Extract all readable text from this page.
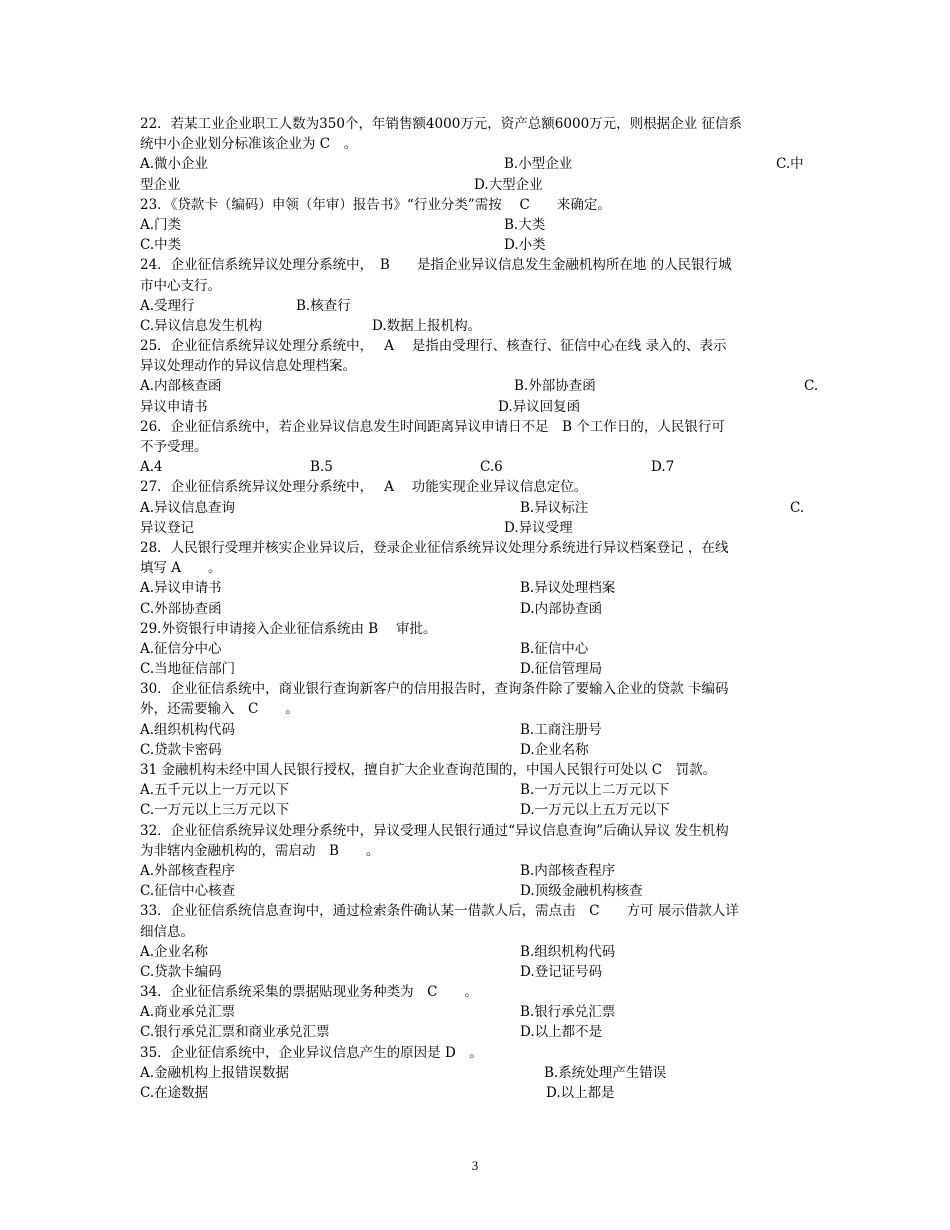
22．若某工业企业职工人数为350个，年销售额4000万元，资产总额6000万元，则根据企业 征信系
统中小企业划分标准该企业为 C　。
A.微小企业	B.小型企业	C.中
型企业	D.大型企业
23．《贷款卡（编码）申领（年审）报告书》“行业分类”需按　 C　　来确定。
A.门类	B.大类
C.中类	D.小类
24．企业征信系统异议处理分系统中，　B　　是指企业异议信息发生金融机构所在地 的人民银行城
市中心支行。
A.受理行	B.核查行
C.异议信息发生机构	D.数据上报机构。
25．企业征信系统异议处理分系统中，　 A　 是指由受理行、核查行、征信中心在线 录入的、表示
异议处理动作的异议信息处理档案。
A.内部核查函	B.外部协查函	C.
异议申请书	D.异议回复函
26．企业征信系统中，若企业异议信息发生时间距离异议申请日不足　B 个工作日的，人民银行可
不予受理。
A.4	B.5	C.6	D.7
27．企业征信系统异议处理分系统中，　 A　 功能实现企业异议信息定位。
A.异议信息查询	B.异议标注	C.
异议登记	D.异议受理
28．人民银行受理并核实企业异议后，登录企业征信系统异议处理分系统进行异议档案登记 ，在线
填写 A　　。
A.异议申请书	B.异议处理档案
C.外部协查函	D.内部协查函
29.外资银行申请接入企业征信系统由 B　 审批。
A.征信分中心	B.征信中心
C.当地征信部门	D.征信管理局
30．企业征信系统中，商业银行查询新客户的信用报告时，查询条件除了要输入企业的贷款 卡编码
外，还需要输入　C　　。
A.组织机构代码	B.工商注册号
C.贷款卡密码	D.企业名称
31 金融机构未经中国人民银行授权，擅自扩大企业查询范围的，中国人民银行可处以 C　罚款。
A.五千元以上一万元以下	B.一万元以上二万元以下
C.一万元以上三万元以下	D.一万元以上五万元以下
32．企业征信系统异议处理分系统中，异议受理人民银行通过“异议信息查询”后确认异议 发生机构
为非辖内金融机构的，需启动　B　　。
A.外部核查程序	B.内部核查程序
C.征信中心核查	D.顶级金融机构核查
33．企业征信系统信息查询中，通过检索条件确认某一借款人后，需点击　C　　方可 展示借款人详
细信息。
A.企业名称	B.组织机构代码
C.贷款卡编码	D.登记证号码
34．企业征信系统采集的票据贴现业务种类为　C　　。
A.商业承兑汇票	B.银行承兑汇票
C.银行承兑汇票和商业承兑汇票	D.以上都不是
35．企业征信系统中，企业异议信息产生的原因是 D　。
A.金融机构上报错误数据	B.系统处理产生错误
C.在途数据	D.以上都是
3
